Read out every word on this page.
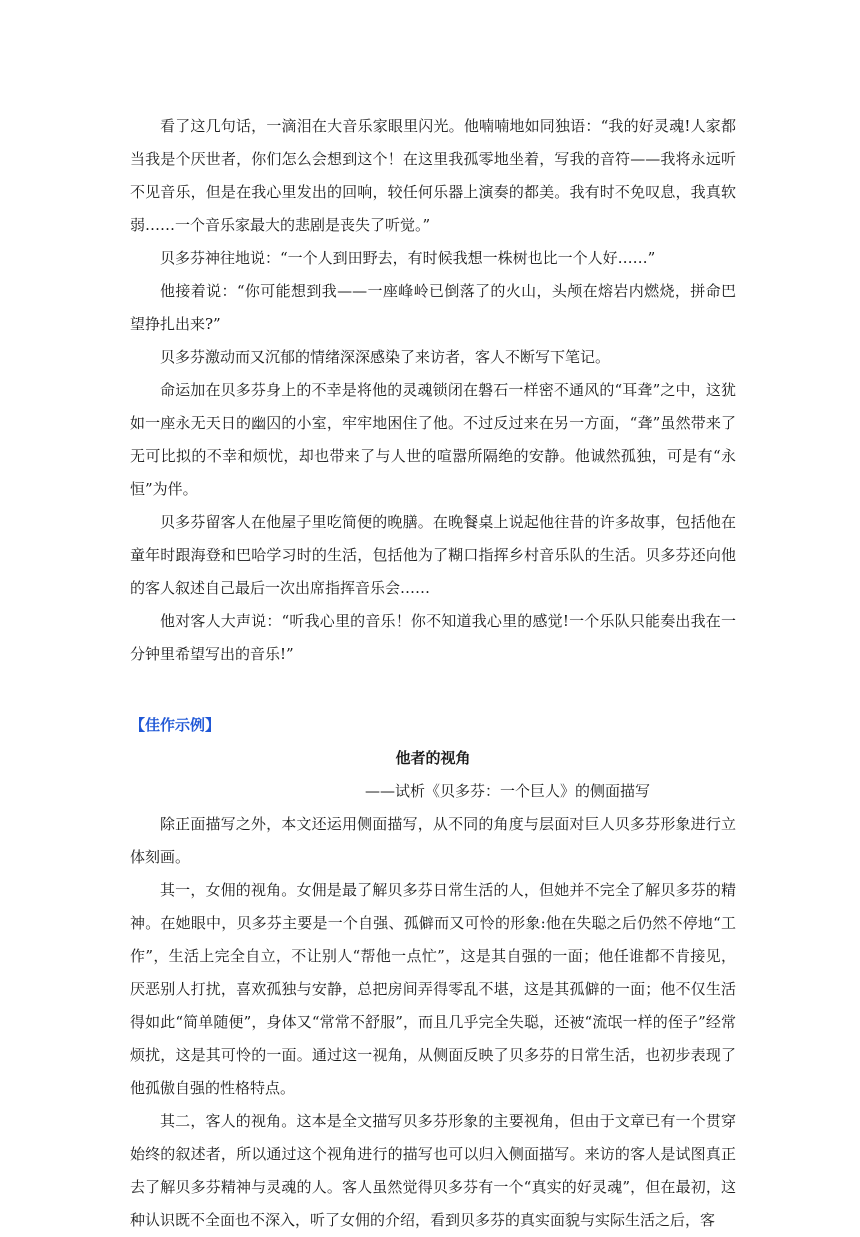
看了这几句话，一滴泪在大音乐家眼里闪光。他喃喃地如同独语：“我的好灵魂!人家都当我是个厌世者，你们怎么会想到这个！在这里我孤零地坐着，写我的音符——我将永远听不见音乐，但是在我心里发出的回响，较任何乐器上演奏的都美。我有时不免叹息，我真软弱……一个音乐家最大的悲剧是丧失了听觉。”

贝多芬神往地说：“一个人到田野去，有时候我想一株树也比一个人好……”

他接着说：“你可能想到我——一座峰岭已倒落了的火山，头颅在熔岩内燃烧，拼命巴望挣扎出来?”

贝多芬激动而又沉郁的情绪深深感染了来访者，客人不断写下笔记。

命运加在贝多芬身上的不幸是将他的灵魂锁闭在磐石一样密不通风的“耳聋”之中，这犹如一座永无天日的幽囚的小室，牢牢地困住了他。不过反过来在另一方面，“聋”虽然带来了无可比拟的不幸和烦忧，却也带来了与人世的喧嚣所隔绝的安静。他诚然孤独，可是有“永恒”为伴。

贝多芬留客人在他屋子里吃简便的晚膳。在晚餐桌上说起他往昔的许多故事，包括他在童年时跟海登和巴哈学习时的生活，包括他为了糊口指挥乡村音乐队的生活。贝多芬还向他的客人叙述自己最后一次出席指挥音乐会……

他对客人大声说：“听我心里的音乐！你不知道我心里的感觉!一个乐队只能奏出我在一分钟里希望写出的音乐!”

【佳作示例】

他者的视角

——试析《贝多芬：一个巨人》的侧面描写

除正面描写之外，本文还运用侧面描写，从不同的角度与层面对巨人贝多芬形象进行立体刻画。

其一，女佣的视角。女佣是最了解贝多芬日常生活的人，但她并不完全了解贝多芬的精神。在她眼中，贝多芬主要是一个自强、孤僻而又可怜的形象:他在失聪之后仍然不停地“工作”，生活上完全自立，不让别人“帮他一点忙”，这是其自强的一面；他任谁都不肯接见，厌恶别人打扰，喜欢孤独与安静，总把房间弄得零乱不堪，这是其孤僻的一面；他不仅生活得如此“简单随便”，身体又“常常不舒服”，而且几乎完全失聪，还被“流氓一样的侄子”经常烦扰，这是其可怜的一面。通过这一视角，从侧面反映了贝多芬的日常生活，也初步表现了他孤傲自强的性格特点。

其二，客人的视角。这本是全文描写贝多芬形象的主要视角，但由于文章已有一个贯穿始终的叙述者，所以通过这个视角进行的描写也可以归入侧面描写。来访的客人是试图真正去了解贝多芬精神与灵魂的人。客人虽然觉得贝多芬有一个“真实的好灵魂”，但在最初，这种认识既不全面也不深入，听了女佣的介绍，看到贝多芬的真实面貌与实际生活之后，客
